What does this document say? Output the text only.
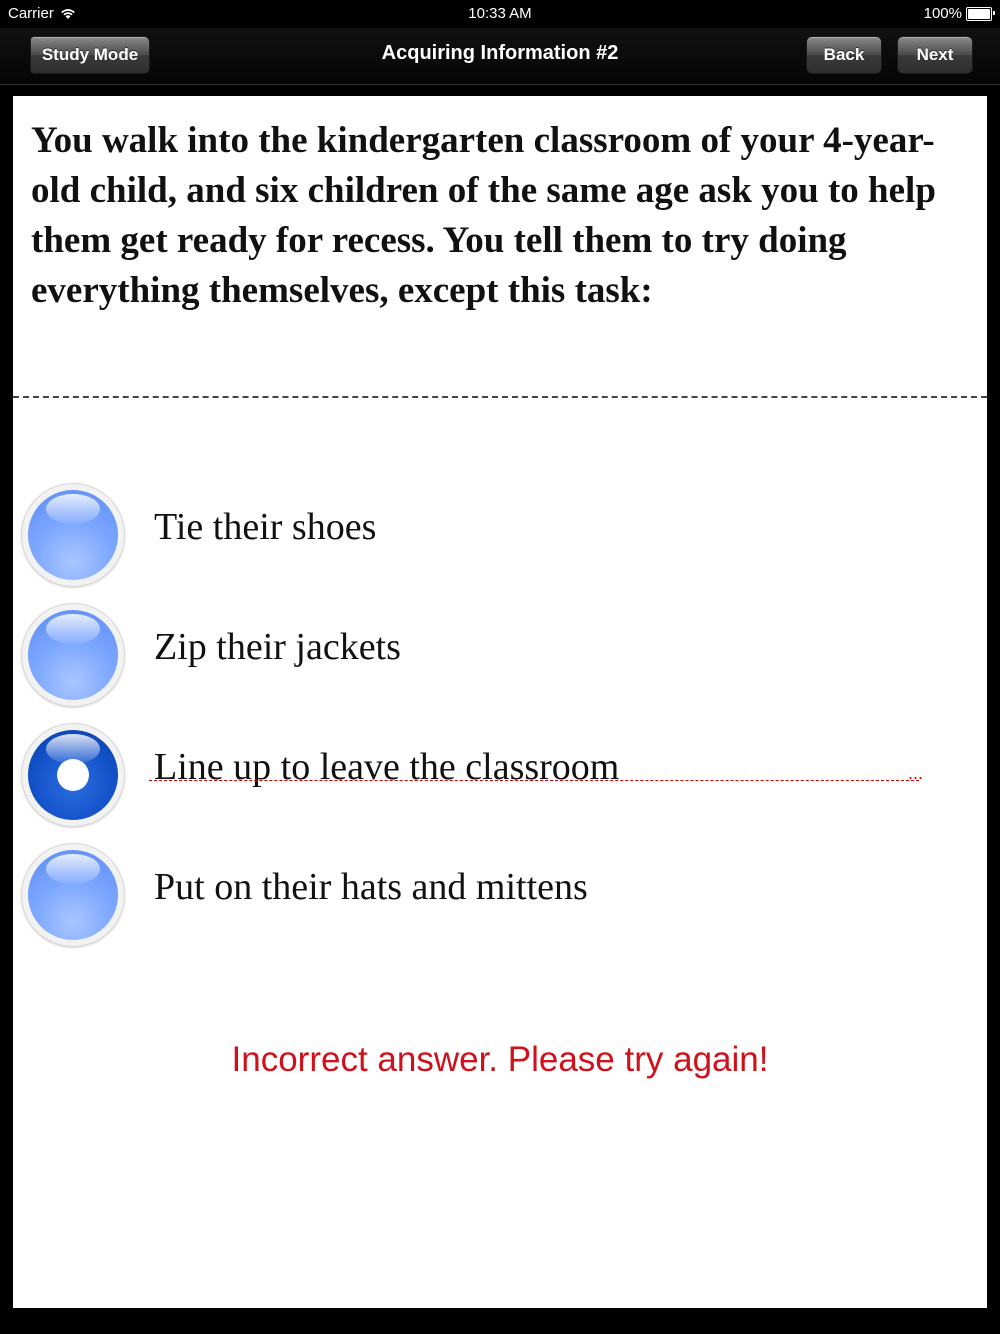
Carrier	10:33 AM	100%
Study Mode	Acquiring Information #2	Back	Next

You walk into the kindergarten classroom of your 4-year-old child, and six children of the same age ask you to help them get ready for recess. You tell them to try doing everything themselves, except this task:

Tie their shoes
Zip their jackets
Line up to leave the classroom	...
Put on their hats and mittens
Incorrect answer. Please try again!
